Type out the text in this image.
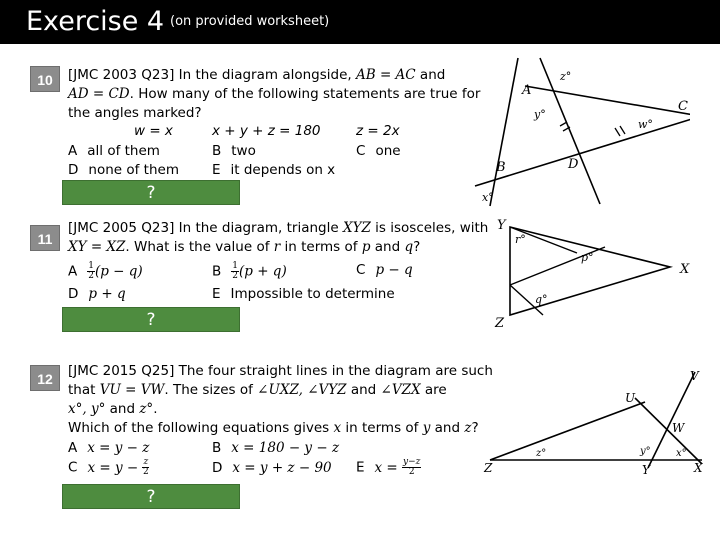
Exercise 4 (on provided worksheet)
10	[JMC 2003 Q23] In the diagram alongside, AB = AC and
AD = CD. How many of the following statements are true for
the angles marked?
w = x	x + y + z = 180	z = 2x
A all of them	B two	C one
D none of them E it depends on x
?
A
C
B	D
z°
y°
w°
x°
11
[JMC 2005 Q23] In the diagram, triangle XYZ is isosceles, with
XY = XZ. What is the value of r in terms of p and q?
A $\frac{1}{2} (p - q)$	B $\frac{1}{2} (p + q)$	C p − q
D p + q	E Impossible to determine
?
Y
X
Z
r°
p°
q°
12	[JMC 2015 Q25] The four straight lines in the diagram are such
that VU = VW. The sizes of ∠UXZ, ∠VYZ and ∠VZX are
x°, y° and z°.
Which of the following equations gives x in terms of y and z?
A x = y − z	B x = 180 − y − z
C $x = y - \frac{z}{2}$	D x = y + z − 90 E $x = \frac{y-z}{2}$
?
V
U
W
Z	Y	X
z°	y°	x°
